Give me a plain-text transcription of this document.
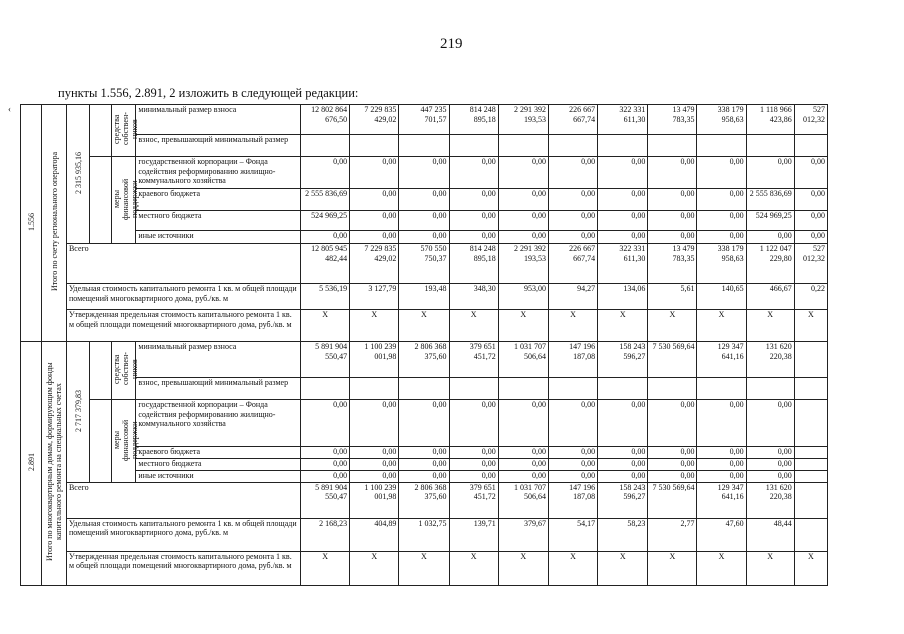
219
пункты 1.556, 2.891, 2 изложить в следующей редакции:
‹
1.556	Итого по счету регионального оператора	2 315 935,16		средства собствен-ников	минимальный размер взноса	12 802 864 676,50	7 229 835 429,02	447 235 701,57	814 248 895,18	2 291 392 193,53	226 667 667,74	322 331 611,30	13 479 783,35	338 179 958,63	1 118 966 423,86	527 012,32
					взнос, превышающий минимальный размер											
				меры финансовой поддержки	государственной корпорации – Фонда содействия реформированию жилищно-коммунального хозяйства	0,00	0,00	0,00	0,00	0,00	0,00	0,00	0,00	0,00	0,00	0,00
					краевого бюджета	2 555 836,69	0,00	0,00	0,00	0,00	0,00	0,00	0,00	0,00	2 555 836,69	0,00
					местного бюджета	524 969,25	0,00	0,00	0,00	0,00	0,00	0,00	0,00	0,00	524 969,25	0,00
					иные источники	0,00	0,00	0,00	0,00	0,00	0,00	0,00	0,00	0,00	0,00	0,00
		Всего				12 805 945 482,44	7 229 835 429,02	570 550 750,37	814 248 895,18	2 291 392 193,53	226 667 667,74	322 331 611,30	13 479 783,35	338 179 958,63	1 122 047 229,80	527 012,32
		Удельная стоимость капитального ремонта 1 кв. м общей площади помещений многоквартирного дома, руб./кв. м				5 536,19	3 127,79	193,48	348,30	953,00	94,27	134,06	5,61	140,65	466,67	0,22
		Утвержденная предельная стоимость капитального ремонта 1 кв. м общей площади помещений многоквартирного дома, руб./кв. м				X	X	X	X	X	X	X	X	X	X	X
2.891	Итого по многоквартирным домам, формирующим фонды капитального ремонта на специальных счетах	2 717 379,83		средства собствен-ников	минимальный размер взноса	5 891 904 550,47	1 100 239 001,98	2 806 368 375,60	379 651 451,72	1 031 707 506,64	147 196 187,08	158 243 596,27	7 530 569,64	129 347 641,16	131 620 220,38	
					взнос, превышающий минимальный размер											
				меры финансовой поддержки	государственной корпорации – Фонда содействия реформированию жилищно-коммунального хозяйства	0,00	0,00	0,00	0,00	0,00	0,00	0,00	0,00	0,00	0,00	
					краевого бюджета	0,00	0,00	0,00	0,00	0,00	0,00	0,00	0,00	0,00	0,00	
					местного бюджета	0,00	0,00	0,00	0,00	0,00	0,00	0,00	0,00	0,00	0,00	
					иные источники	0,00	0,00	0,00	0,00	0,00	0,00	0,00	0,00	0,00	0,00	
		Всего				5 891 904 550,47	1 100 239 001,98	2 806 368 375,60	379 651 451,72	1 031 707 506,64	147 196 187,08	158 243 596,27	7 530 569,64	129 347 641,16	131 620 220,38	
		Удельная стоимость капитального ремонта 1 кв. м общей площади помещений многоквартирного дома, руб./кв. м				2 168,23	404,89	1 032,75	139,71	379,67	54,17	58,23	2,77	47,60	48,44	
		Утвержденная предельная стоимость капитального ремонта 1 кв. м общей площади помещений многоквартирного дома, руб./кв. м				X	X	X	X	X	X	X	X	X	X	X
